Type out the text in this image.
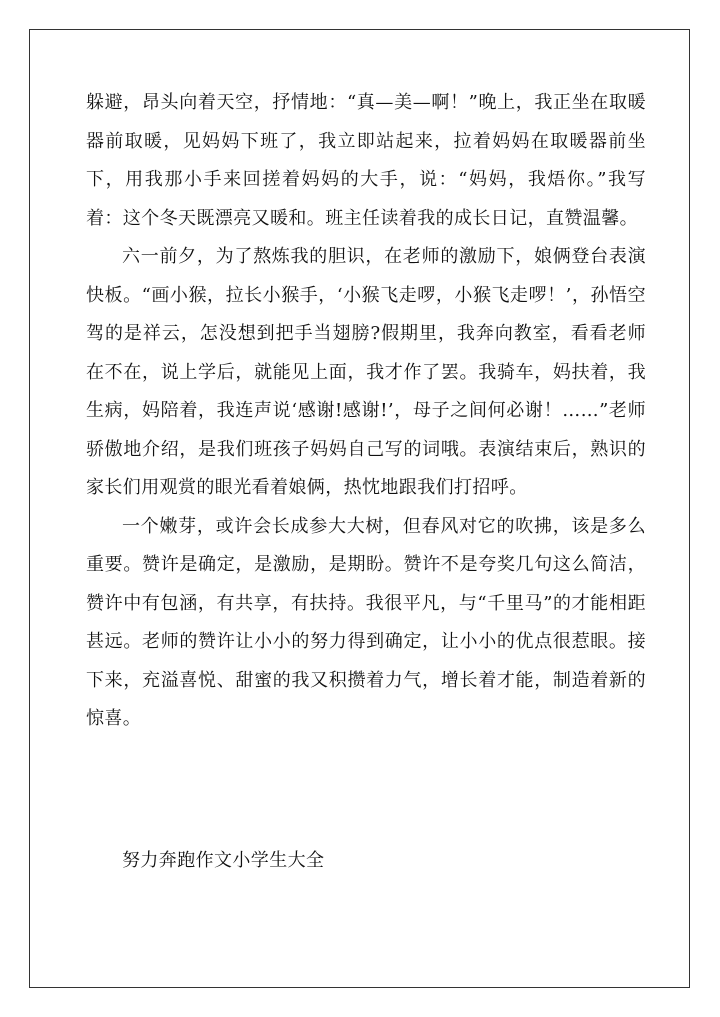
躲避，昂头向着天空，抒情地：“真—美—啊！”晚上，我正坐在取暖器前取暖，见妈妈下班了，我立即站起来，拉着妈妈在取暖器前坐下，用我那小手来回搓着妈妈的大手，说：“妈妈，我焐你。”我写着：这个冬天既漂亮又暖和。班主任读着我的成长日记，直赞温馨。

六一前夕，为了熬炼我的胆识，在老师的激励下，娘俩登台表演快板。“画小猴，拉长小猴手，‘小猴飞走啰，小猴飞走啰！’，孙悟空驾的是祥云，怎没想到把手当翅膀?假期里，我奔向教室，看看老师在不在，说上学后，就能见上面，我才作了罢。我骑车，妈扶着，我生病，妈陪着，我连声说‘感谢!感谢!’，母子之间何必谢！……”老师骄傲地介绍，是我们班孩子妈妈自己写的词哦。表演结束后，熟识的家长们用观赏的眼光看着娘俩，热忱地跟我们打招呼。

一个嫩芽，或许会长成参大大树，但春风对它的吹拂，该是多么重要。赞许是确定，是激励，是期盼。赞许不是夸奖几句这么简洁，赞许中有包涵，有共享，有扶持。我很平凡，与“千里马”的才能相距甚远。老师的赞许让小小的努力得到确定，让小小的优点很惹眼。接下来，充溢喜悦、甜蜜的我又积攒着力气，增长着才能，制造着新的惊喜。

努力奔跑作文小学生大全
